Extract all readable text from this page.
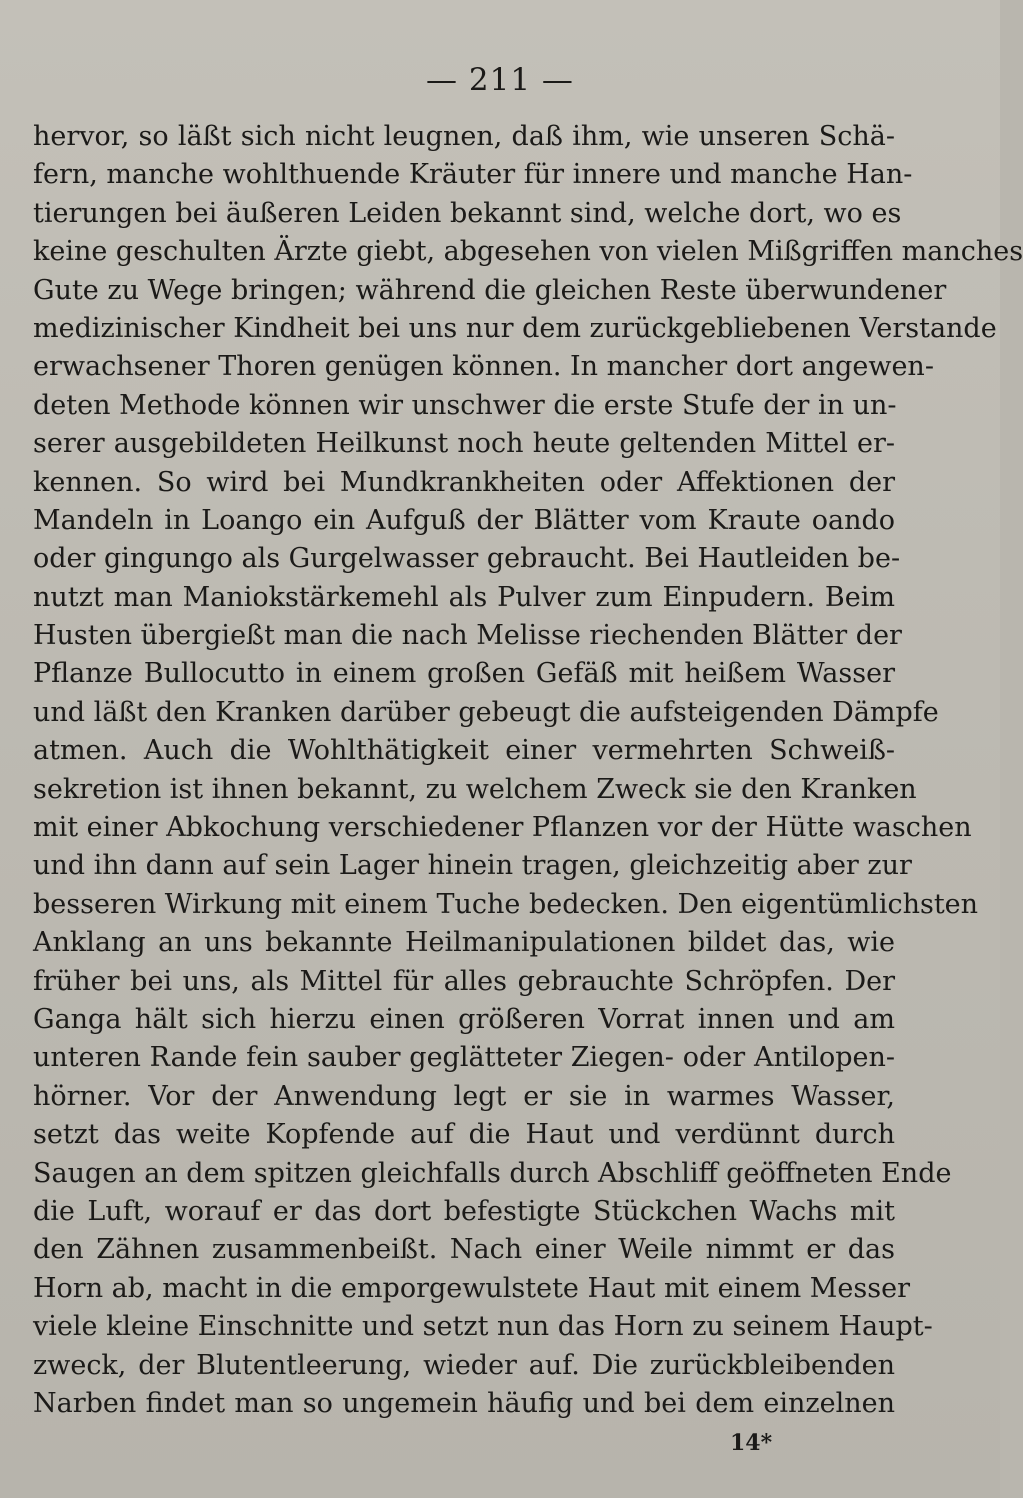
— 211 —
hervor, so läßt sich nicht leugnen, daß ihm, wie unseren Schä-
fern, manche wohlthuende Kräuter für innere und manche Han-
tierungen bei äußeren Leiden bekannt sind, welche dort, wo es
keine geschulten Ärzte giebt, abgesehen von vielen Mißgriffen manches
Gute zu Wege bringen; während die gleichen Reste überwundener
medizinischer Kindheit bei uns nur dem zurückgebliebenen Verstande
erwachsener Thoren genügen können. In mancher dort angewen-
deten Methode können wir unschwer die erste Stufe der in un-
serer ausgebildeten Heilkunst noch heute geltenden Mittel er-
kennen. So wird bei Mundkrankheiten oder Affektionen der
Mandeln in Loango ein Aufguß der Blätter vom Kraute oando
oder gingungo als Gurgelwasser gebraucht. Bei Hautleiden be-
nutzt man Maniokstärkemehl als Pulver zum Einpudern. Beim
Husten übergießt man die nach Melisse riechenden Blätter der
Pflanze Bullocutto in einem großen Gefäß mit heißem Wasser
und läßt den Kranken darüber gebeugt die aufsteigenden Dämpfe
atmen. Auch die Wohlthätigkeit einer vermehrten Schweiß-
sekretion ist ihnen bekannt, zu welchem Zweck sie den Kranken
mit einer Abkochung verschiedener Pflanzen vor der Hütte waschen
und ihn dann auf sein Lager hinein tragen, gleichzeitig aber zur
besseren Wirkung mit einem Tuche bedecken. Den eigentümlichsten
Anklang an uns bekannte Heilmanipulationen bildet das, wie
früher bei uns, als Mittel für alles gebrauchte Schröpfen. Der
Ganga hält sich hierzu einen größeren Vorrat innen und am
unteren Rande fein sauber geglätteter Ziegen- oder Antilopen-
hörner. Vor der Anwendung legt er sie in warmes Wasser,
setzt das weite Kopfende auf die Haut und verdünnt durch
Saugen an dem spitzen gleichfalls durch Abschliff geöffneten Ende
die Luft, worauf er das dort befestigte Stückchen Wachs mit
den Zähnen zusammenbeißt. Nach einer Weile nimmt er das
Horn ab, macht in die emporgewulstete Haut mit einem Messer
viele kleine Einschnitte und setzt nun das Horn zu seinem Haupt-
zweck, der Blutentleerung, wieder auf. Die zurückbleibenden
Narben findet man so ungemein häufig und bei dem einzelnen
14*
